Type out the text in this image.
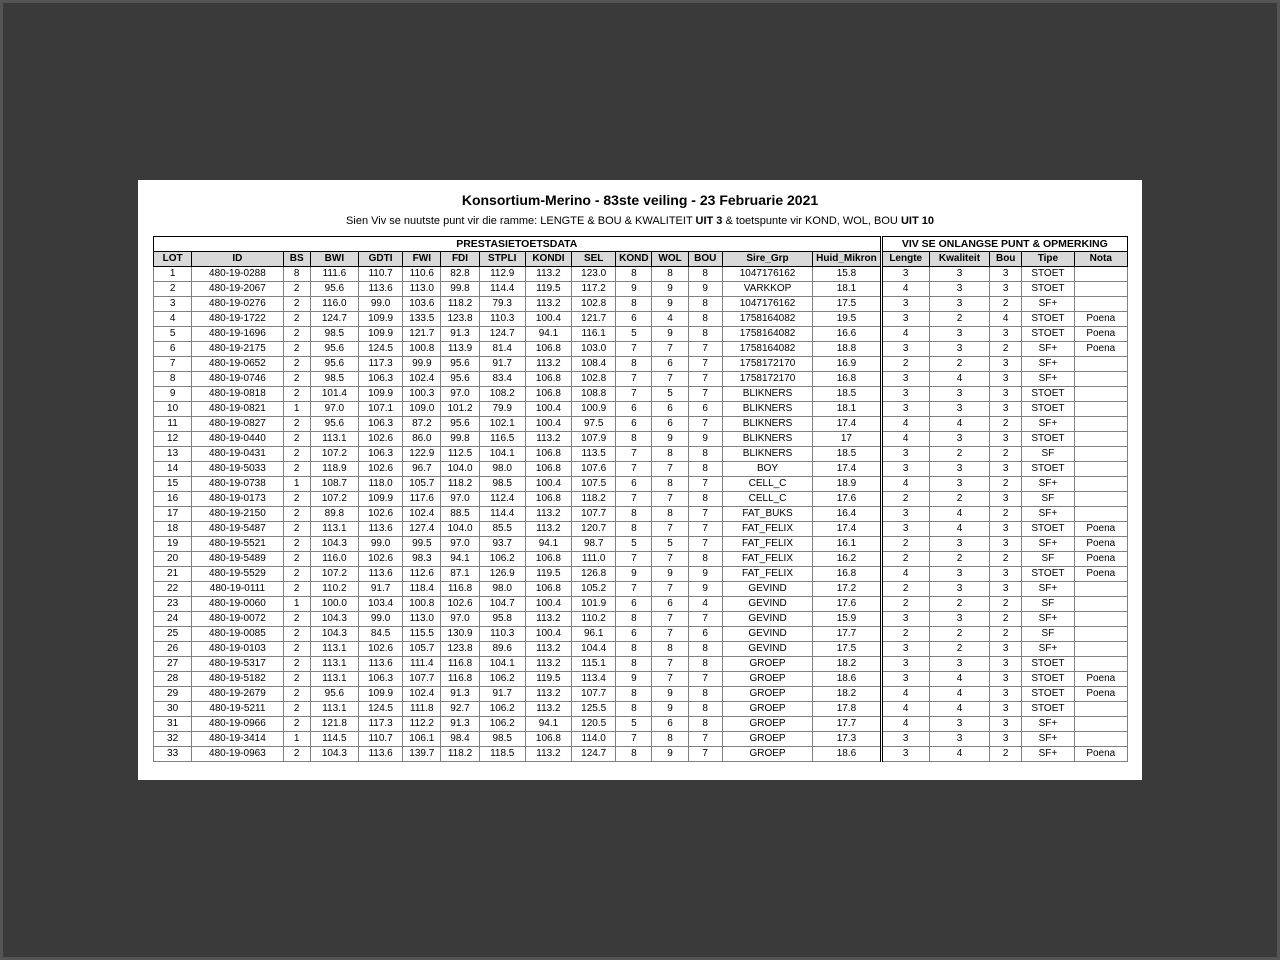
Konsortium-Merino - 83ste veiling - 23 Februarie 2021
Sien Viv se nuutste punt vir die ramme: LENGTE & BOU & KWALITEIT UIT 3 & toetspunte vir KOND, WOL, BOU UIT 10
PRESTASIETOETSDATA															VIV SE ONLANGSE PUNT & OPMERKING				
LOT	ID	BS	BWI	GDTI	FWI	FDI	STPLI	KONDI	SEL	KOND	WOL	BOU	Sire_Grp	Huid_Mikron	Lengte	Kwaliteit	Bou	Tipe	Nota
1	480-19-0288	8	111.6	110.7	110.6	82.8	112.9	113.2	123.0	8	8	8	1047176162	15.8	3	3	3	STOET	
2	480-19-2067	2	95.6	113.6	113.0	99.8	114.4	119.5	117.2	9	9	9	VARKKOP	18.1	4	3	3	STOET	
3	480-19-0276	2	116.0	99.0	103.6	118.2	79.3	113.2	102.8	8	9	8	1047176162	17.5	3	3	2	SF+	
4	480-19-1722	2	124.7	109.9	133.5	123.8	110.3	100.4	121.7	6	4	8	1758164082	19.5	3	2	4	STOET	Poena
5	480-19-1696	2	98.5	109.9	121.7	91.3	124.7	94.1	116.1	5	9	8	1758164082	16.6	4	3	3	STOET	Poena
6	480-19-2175	2	95.6	124.5	100.8	113.9	81.4	106.8	103.0	7	7	7	1758164082	18.8	3	3	2	SF+	Poena
7	480-19-0652	2	95.6	117.3	99.9	95.6	91.7	113.2	108.4	8	6	7	1758172170	16.9	2	2	3	SF+	
8	480-19-0746	2	98.5	106.3	102.4	95.6	83.4	106.8	102.8	7	7	7	1758172170	16.8	3	4	3	SF+	
9	480-19-0818	2	101.4	109.9	100.3	97.0	108.2	106.8	108.8	7	5	7	BLIKNERS	18.5	3	3	3	STOET	
10	480-19-0821	1	97.0	107.1	109.0	101.2	79.9	100.4	100.9	6	6	6	BLIKNERS	18.1	3	3	3	STOET	
11	480-19-0827	2	95.6	106.3	87.2	95.6	102.1	100.4	97.5	6	6	7	BLIKNERS	17.4	4	4	2	SF+	
12	480-19-0440	2	113.1	102.6	86.0	99.8	116.5	113.2	107.9	8	9	9	BLIKNERS	17	4	3	3	STOET	
13	480-19-0431	2	107.2	106.3	122.9	112.5	104.1	106.8	113.5	7	8	8	BLIKNERS	18.5	3	2	2	SF	
14	480-19-5033	2	118.9	102.6	96.7	104.0	98.0	106.8	107.6	7	7	8	BOY	17.4	3	3	3	STOET	
15	480-19-0738	1	108.7	118.0	105.7	118.2	98.5	100.4	107.5	6	8	7	CELL_C	18.9	4	3	2	SF+	
16	480-19-0173	2	107.2	109.9	117.6	97.0	112.4	106.8	118.2	7	7	8	CELL_C	17.6	2	2	3	SF	
17	480-19-2150	2	89.8	102.6	102.4	88.5	114.4	113.2	107.7	8	8	7	FAT_BUKS	16.4	3	4	2	SF+	
18	480-19-5487	2	113.1	113.6	127.4	104.0	85.5	113.2	120.7	8	7	7	FAT_FELIX	17.4	3	4	3	STOET	Poena
19	480-19-5521	2	104.3	99.0	99.5	97.0	93.7	94.1	98.7	5	5	7	FAT_FELIX	16.1	2	3	3	SF+	Poena
20	480-19-5489	2	116.0	102.6	98.3	94.1	106.2	106.8	111.0	7	7	8	FAT_FELIX	16.2	2	2	2	SF	Poena
21	480-19-5529	2	107.2	113.6	112.6	87.1	126.9	119.5	126.8	9	9	9	FAT_FELIX	16.8	4	3	3	STOET	Poena
22	480-19-0111	2	110.2	91.7	118.4	116.8	98.0	106.8	105.2	7	7	9	GEVIND	17.2	2	3	3	SF+	
23	480-19-0060	1	100.0	103.4	100.8	102.6	104.7	100.4	101.9	6	6	4	GEVIND	17.6	2	2	2	SF	
24	480-19-0072	2	104.3	99.0	113.0	97.0	95.8	113.2	110.2	8	7	7	GEVIND	15.9	3	3	2	SF+	
25	480-19-0085	2	104.3	84.5	115.5	130.9	110.3	100.4	96.1	6	7	6	GEVIND	17.7	2	2	2	SF	
26	480-19-0103	2	113.1	102.6	105.7	123.8	89.6	113.2	104.4	8	8	8	GEVIND	17.5	3	2	3	SF+	
27	480-19-5317	2	113.1	113.6	111.4	116.8	104.1	113.2	115.1	8	7	8	GROEP	18.2	3	3	3	STOET	
28	480-19-5182	2	113.1	106.3	107.7	116.8	106.2	119.5	113.4	9	7	7	GROEP	18.6	3	4	3	STOET	Poena
29	480-19-2679	2	95.6	109.9	102.4	91.3	91.7	113.2	107.7	8	9	8	GROEP	18.2	4	4	3	STOET	Poena
30	480-19-5211	2	113.1	124.5	111.8	92.7	106.2	113.2	125.5	8	9	8	GROEP	17.8	4	4	3	STOET	
31	480-19-0966	2	121.8	117.3	112.2	91.3	106.2	94.1	120.5	5	6	8	GROEP	17.7	4	3	3	SF+	
32	480-19-3414	1	114.5	110.7	106.1	98.4	98.5	106.8	114.0	7	8	7	GROEP	17.3	3	3	3	SF+	
33	480-19-0963	2	104.3	113.6	139.7	118.2	118.5	113.2	124.7	8	9	7	GROEP	18.6	3	4	2	SF+	Poena
